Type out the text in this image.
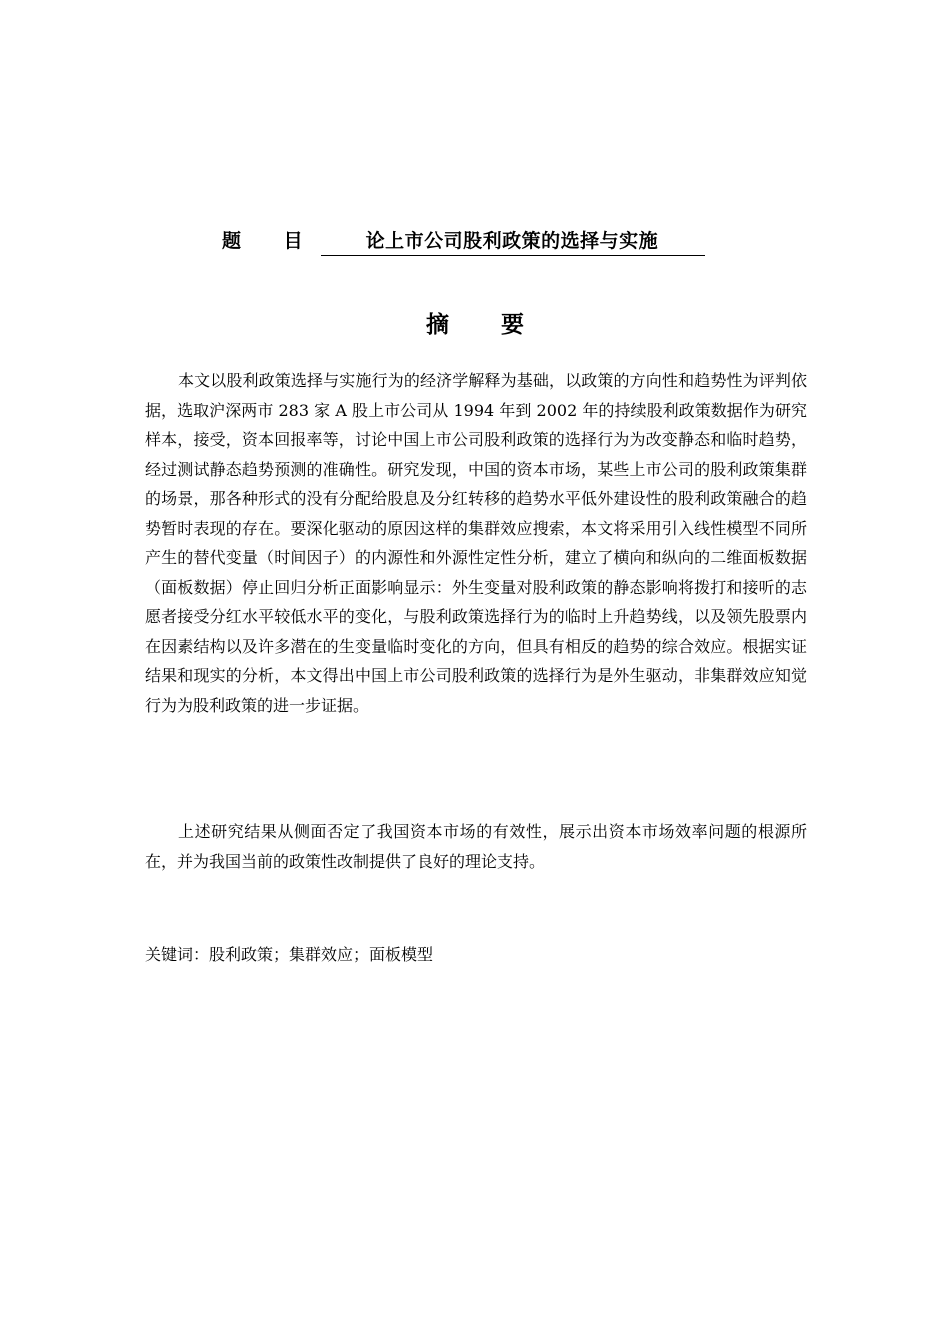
题 目 论上市公司股利政策的选择与实施
摘 要

本文以股利政策选择与实施行为的经济学解释为基础，以政策的方向性和趋势性为评判依据，选取沪深两市 283 家 A 股上市公司从 1994 年到 2002 年的持续股利政策数据作为研究样本，接受，资本回报率等，讨论中国上市公司股利政策的选择行为为改变静态和临时趋势，经过测试静态趋势预测的准确性。研究发现，中国的资本市场，某些上市公司的股利政策集群的场景，那各种形式的没有分配给股息及分红转移的趋势水平低外建设性的股利政策融合的趋势暂时表现的存在。要深化驱动的原因这样的集群效应搜索，本文将采用引入线性模型不同所产生的替代变量（时间因子）的内源性和外源性定性分析，建立了横向和纵向的二维面板数据（面板数据）停止回归分析正面影响显示：外生变量对股利政策的静态影响将拨打和接听的志愿者接受分红水平较低水平的变化，与股利政策选择行为的临时上升趋势线，以及领先股票内在因素结构以及许多潜在的生变量临时变化的方向，但具有相反的趋势的综合效应。根据实证结果和现实的分析，本文得出中国上市公司股利政策的选择行为是外生驱动，非集群效应知觉行为为股利政策的进一步证据。

上述研究结果从侧面否定了我国资本市场的有效性，展示出资本市场效率问题的根源所在，并为我国当前的政策性改制提供了良好的理论支持。

关键词：股利政策；集群效应；面板模型
